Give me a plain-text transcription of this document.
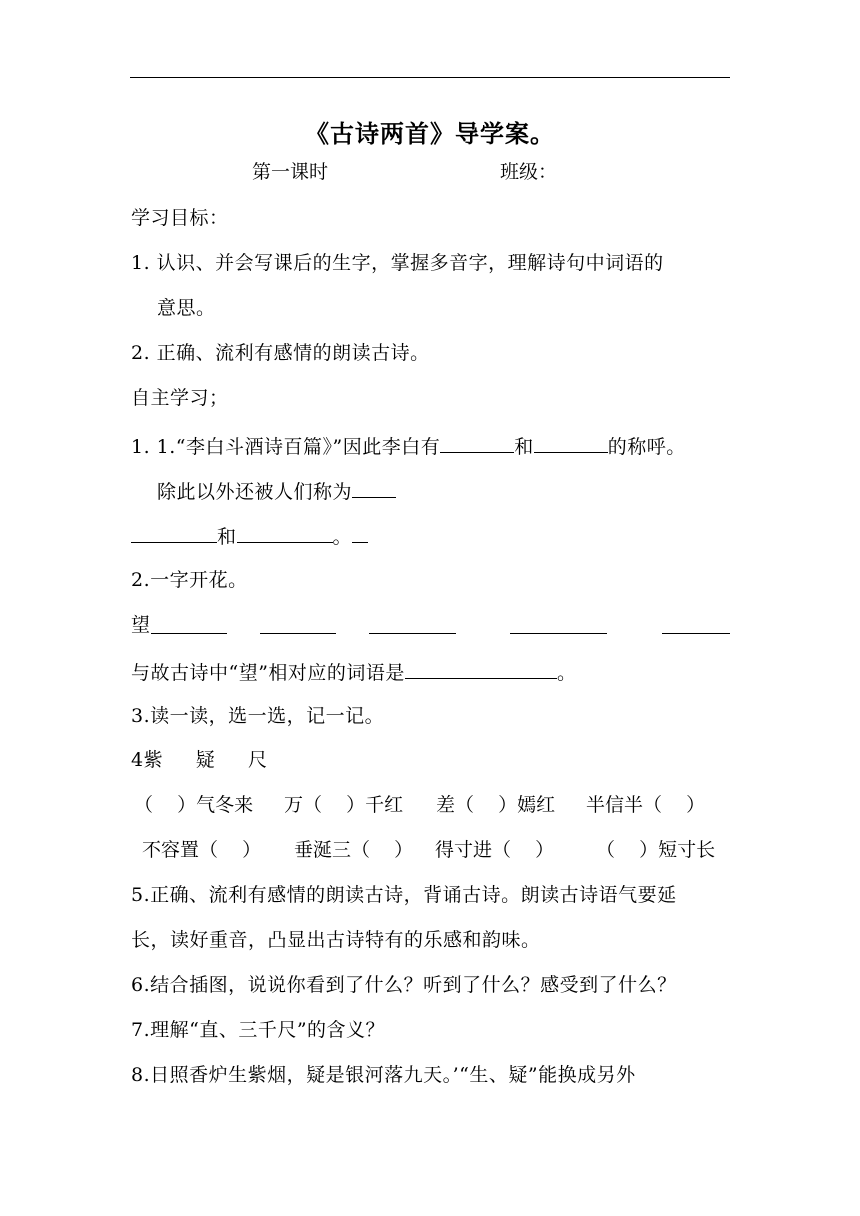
《古诗两首》导学案。
第一课时	班级：
学习目标：
1. 认识、并会写课后的生字，掌握多音字，理解诗句中词语的
意思。
2. 正确、流利有感情的朗读古诗。
自主学习；
1. 1.“李白斗酒诗百篇》”因此李白有	和	的称呼。
除此以外还被人们称为
和	。
2.一字开花。
望
与故古诗中“望”相对应的词语是	。
3.读一读，选一选，记一记。
4紫     疑     尺
（    ）气冬来 万（    ）千红 差（    ）嫣红 半信半（    ）
不容置（    ） 垂涎三（    ） 得寸进（    ） （    ）短寸长
5.正确、流利有感情的朗读古诗，背诵古诗。朗读古诗语气要延
长，读好重音，凸显出古诗特有的乐感和韵味。
6.结合插图，说说你看到了什么？听到了什么？感受到了什么？
7.理解“直、三千尺”的含义？
8.日照香炉生紫烟，疑是银河落九天。’“生、疑”能换成另外
